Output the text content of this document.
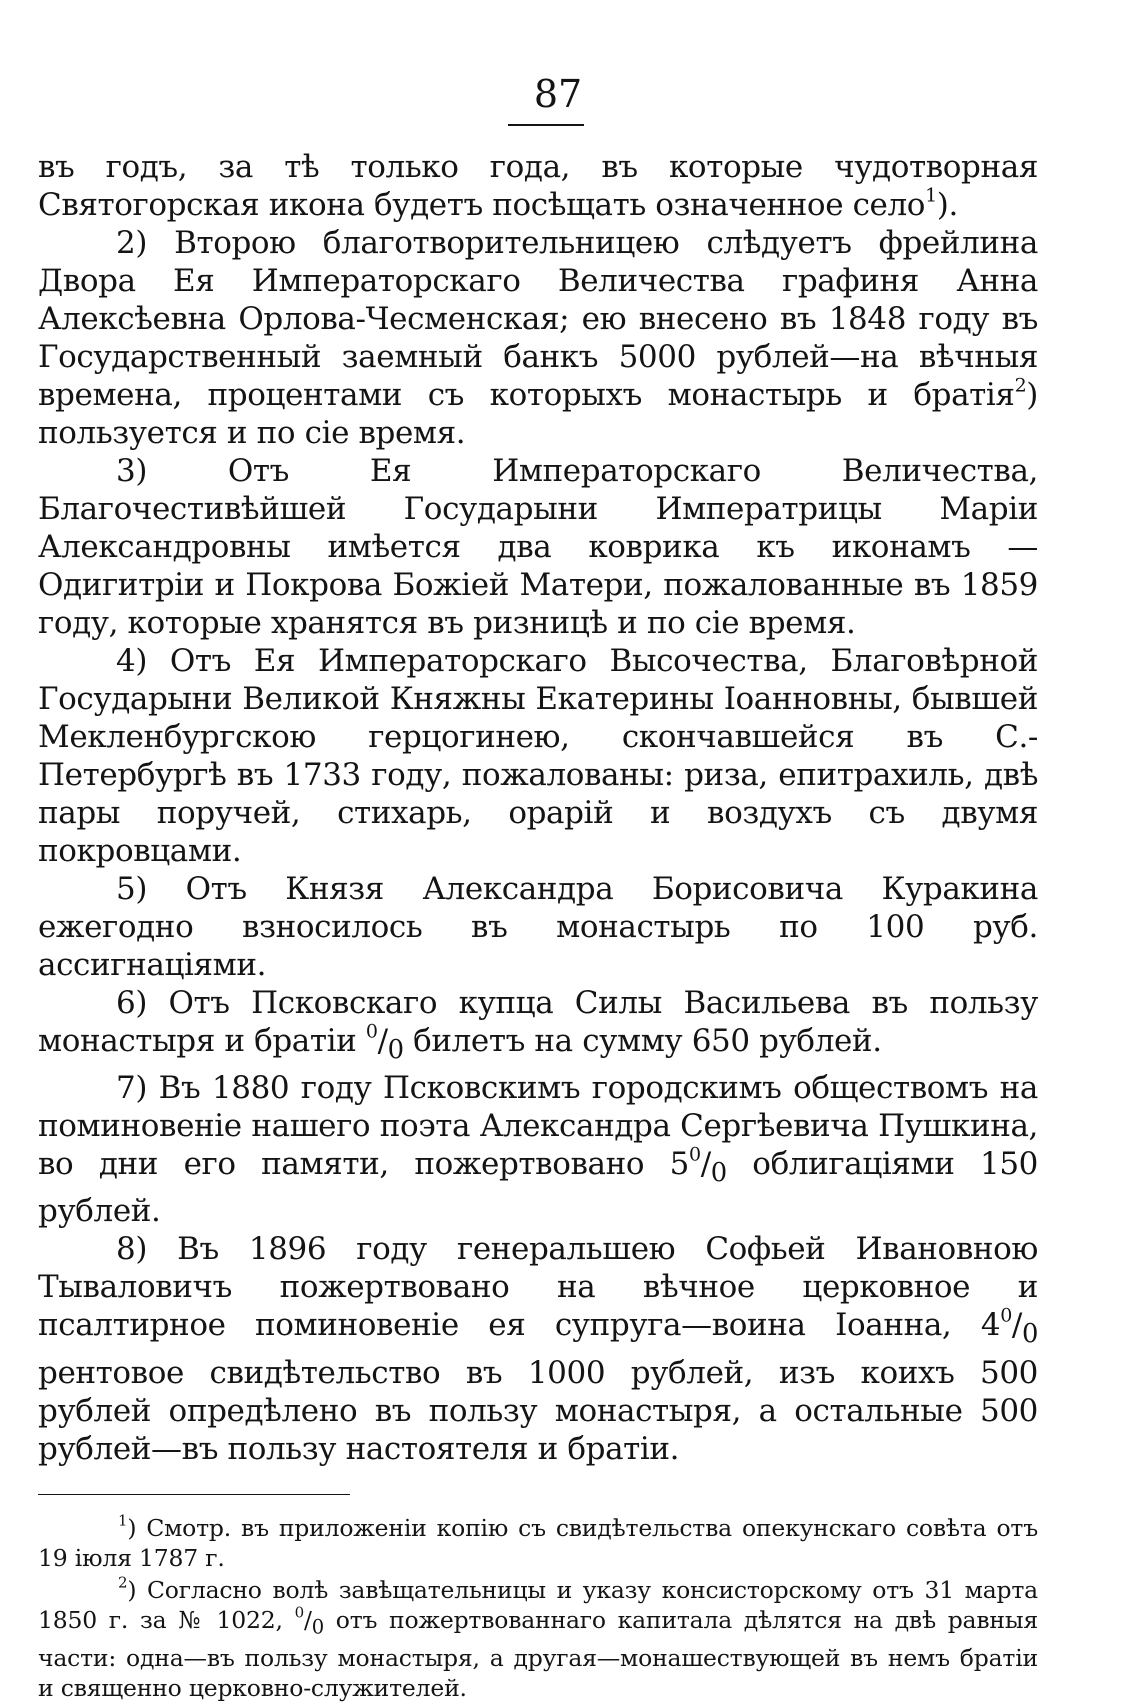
87

въ годъ, за тѣ только года, въ которые чудотворная Святогорская икона будетъ посѣщать означенное село$^1$).

2) Второю благотворительницею слѣдуетъ фрейлина Двора Ея Императорскаго Величества графиня Анна Алексѣевна Орлова-Чесменская; ею внесено въ 1848 году въ Государственный заемный банкъ 5000 рублей—на вѣчныя времена, процентами съ которыхъ монастырь и братія$^2$) пользуется и по сіе время.

3) Отъ Ея Императорскаго Величества, Благочестивѣйшей Государыни Императрицы Маріи Александровны имѣется два коврика къ иконамъ —Одигитріи и Покрова Божіей Матери, пожалованные въ 1859 году, которые хранятся въ ризницѣ и по сіе время.

4) Отъ Ея Императорскаго Высочества, Благовѣрной Государыни Великой Княжны Екатерины Іоанновны, бывшей Мекленбургскою герцогинею, скончавшейся въ С.-Петербургѣ въ 1733 году, пожалованы: риза, епитрахиль, двѣ пары поручей, стихарь, орарій и воздухъ съ двумя покровцами.

5) Отъ Князя Александра Борисовича Куракина ежегодно взносилось въ монастырь по 100 руб. ассигнаціями.

6) Отъ Псковскаго купца Силы Васильева въ пользу монастыря и братіи $^0/_0$ билетъ на сумму 650 рублей.

7) Въ 1880 году Псковскимъ городскимъ обществомъ на поминовеніе нашего поэта Александра Сергѣевича Пушкина, во дни его памяти, пожертвовано $5^0/_0$ облигаціями 150 рублей.

8) Въ 1896 году генеральшею Софьей Ивановною Тываловичъ пожертвовано на вѣчное церковное и псалтирное поминовеніе ея супруга—воина Іоанна, $4^0/_0$ рентовое свидѣтельство въ 1000 рублей, изъ коихъ 500 рублей опредѣлено въ пользу монастыря, а остальные 500 рублей—въ пользу настоятеля и братіи.

$^1$) Смотр. въ приложеніи копію съ свидѣтельства опекунскаго совѣта отъ 19 іюля 1787 г.

$^2$) Согласно волѣ завѣщательницы и указу консисторскому отъ 31 марта 1850 г. за № 1022, $^0/_0$ отъ пожертвованнаго капитала дѣлятся на двѣ равныя части: одна—въ пользу монастыря, а другая—монашествующей въ немъ братіи и священно церковно-служителей.
